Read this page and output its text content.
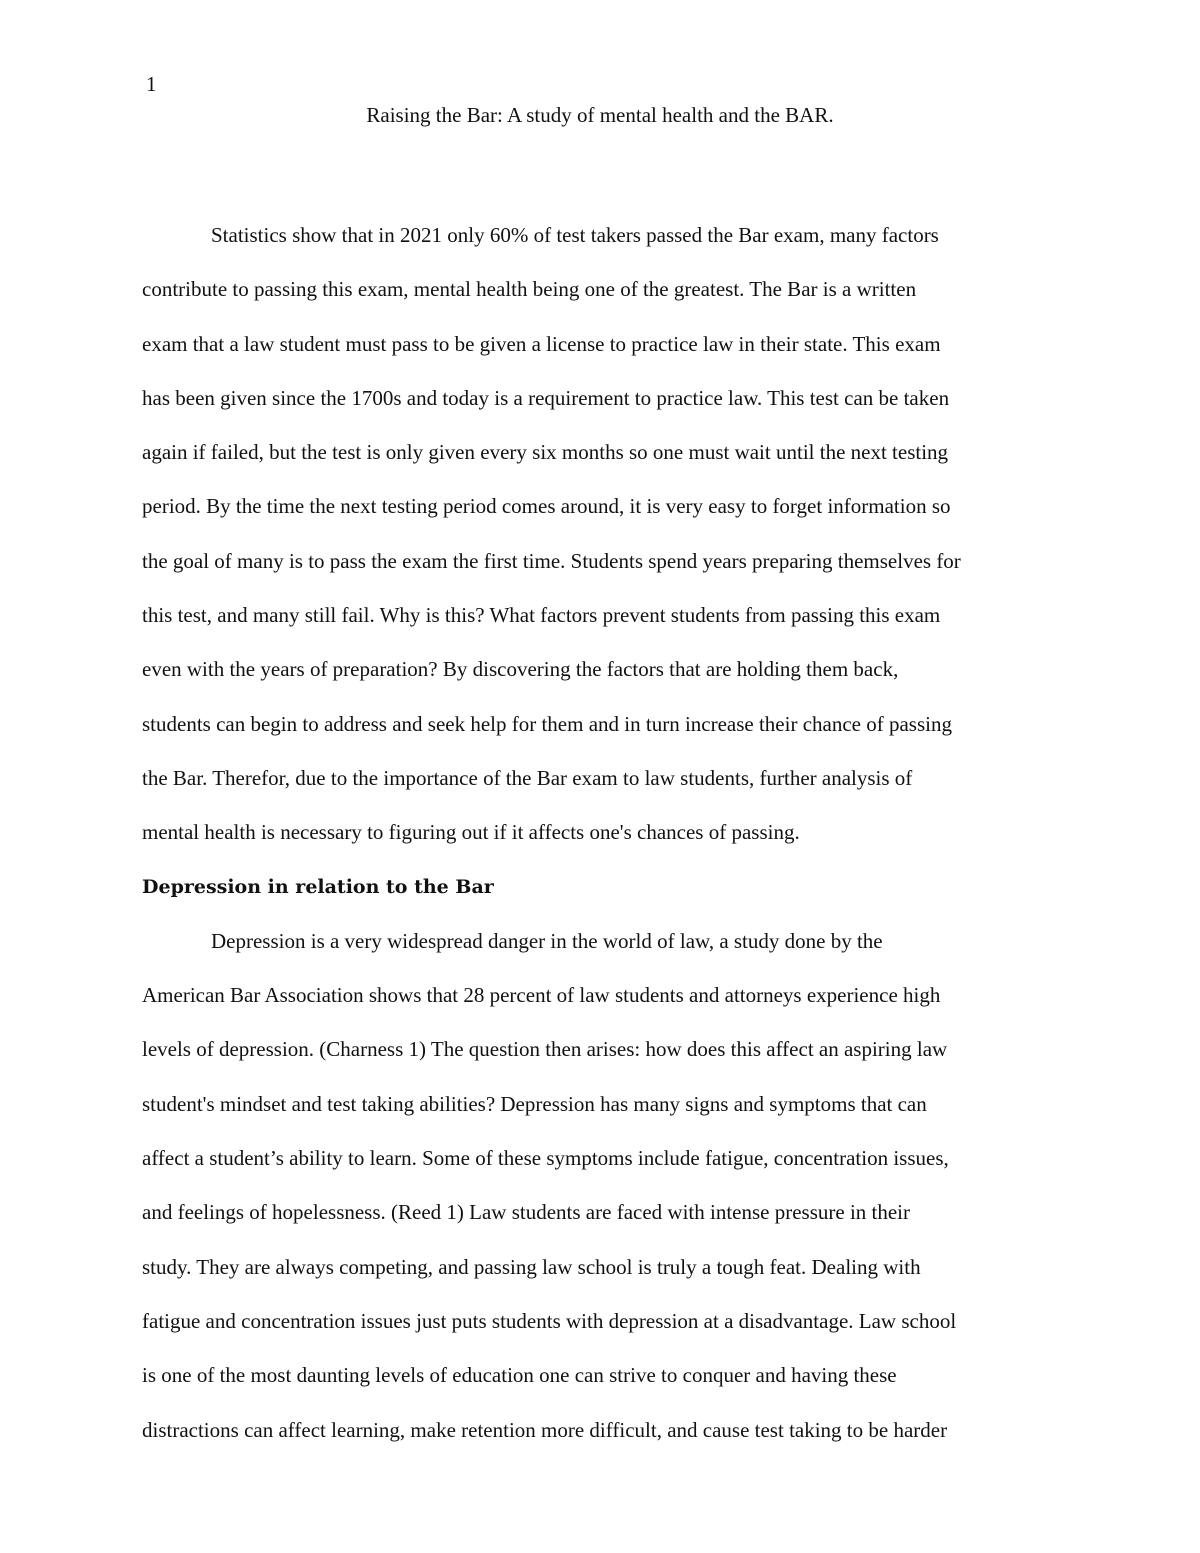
1
Raising the Bar: A study of mental health and the BAR.
Statistics show that in 2021 only 60% of test takers passed the Bar exam, many factors
contribute to passing this exam, mental health being one of the greatest. The Bar is a written
exam that a law student must pass to be given a license to practice law in their state. This exam
has been given since the 1700s and today is a requirement to practice law. This test can be taken
again if failed, but the test is only given every six months so one must wait until the next testing
period. By the time the next testing period comes around, it is very easy to forget information so
the goal of many is to pass the exam the first time. Students spend years preparing themselves for
this test, and many still fail. Why is this? What factors prevent students from passing this exam
even with the years of preparation? By discovering the factors that are holding them back,
students can begin to address and seek help for them and in turn increase their chance of passing
the Bar. Therefor, due to the importance of the Bar exam to law students, further analysis of
mental health is necessary to figuring out if it affects one's chances of passing.
Depression in relation to the Bar
Depression is a very widespread danger in the world of law, a study done by the
American Bar Association shows that 28 percent of law students and attorneys experience high
levels of depression. (Charness 1) The question then arises: how does this affect an aspiring law
student's mindset and test taking abilities? Depression has many signs and symptoms that can
affect a student’s ability to learn. Some of these symptoms include fatigue, concentration issues,
and feelings of hopelessness. (Reed 1) Law students are faced with intense pressure in their
study. They are always competing, and passing law school is truly a tough feat. Dealing with
fatigue and concentration issues just puts students with depression at a disadvantage. Law school
is one of the most daunting levels of education one can strive to conquer and having these
distractions can affect learning, make retention more difficult, and cause test taking to be harder
